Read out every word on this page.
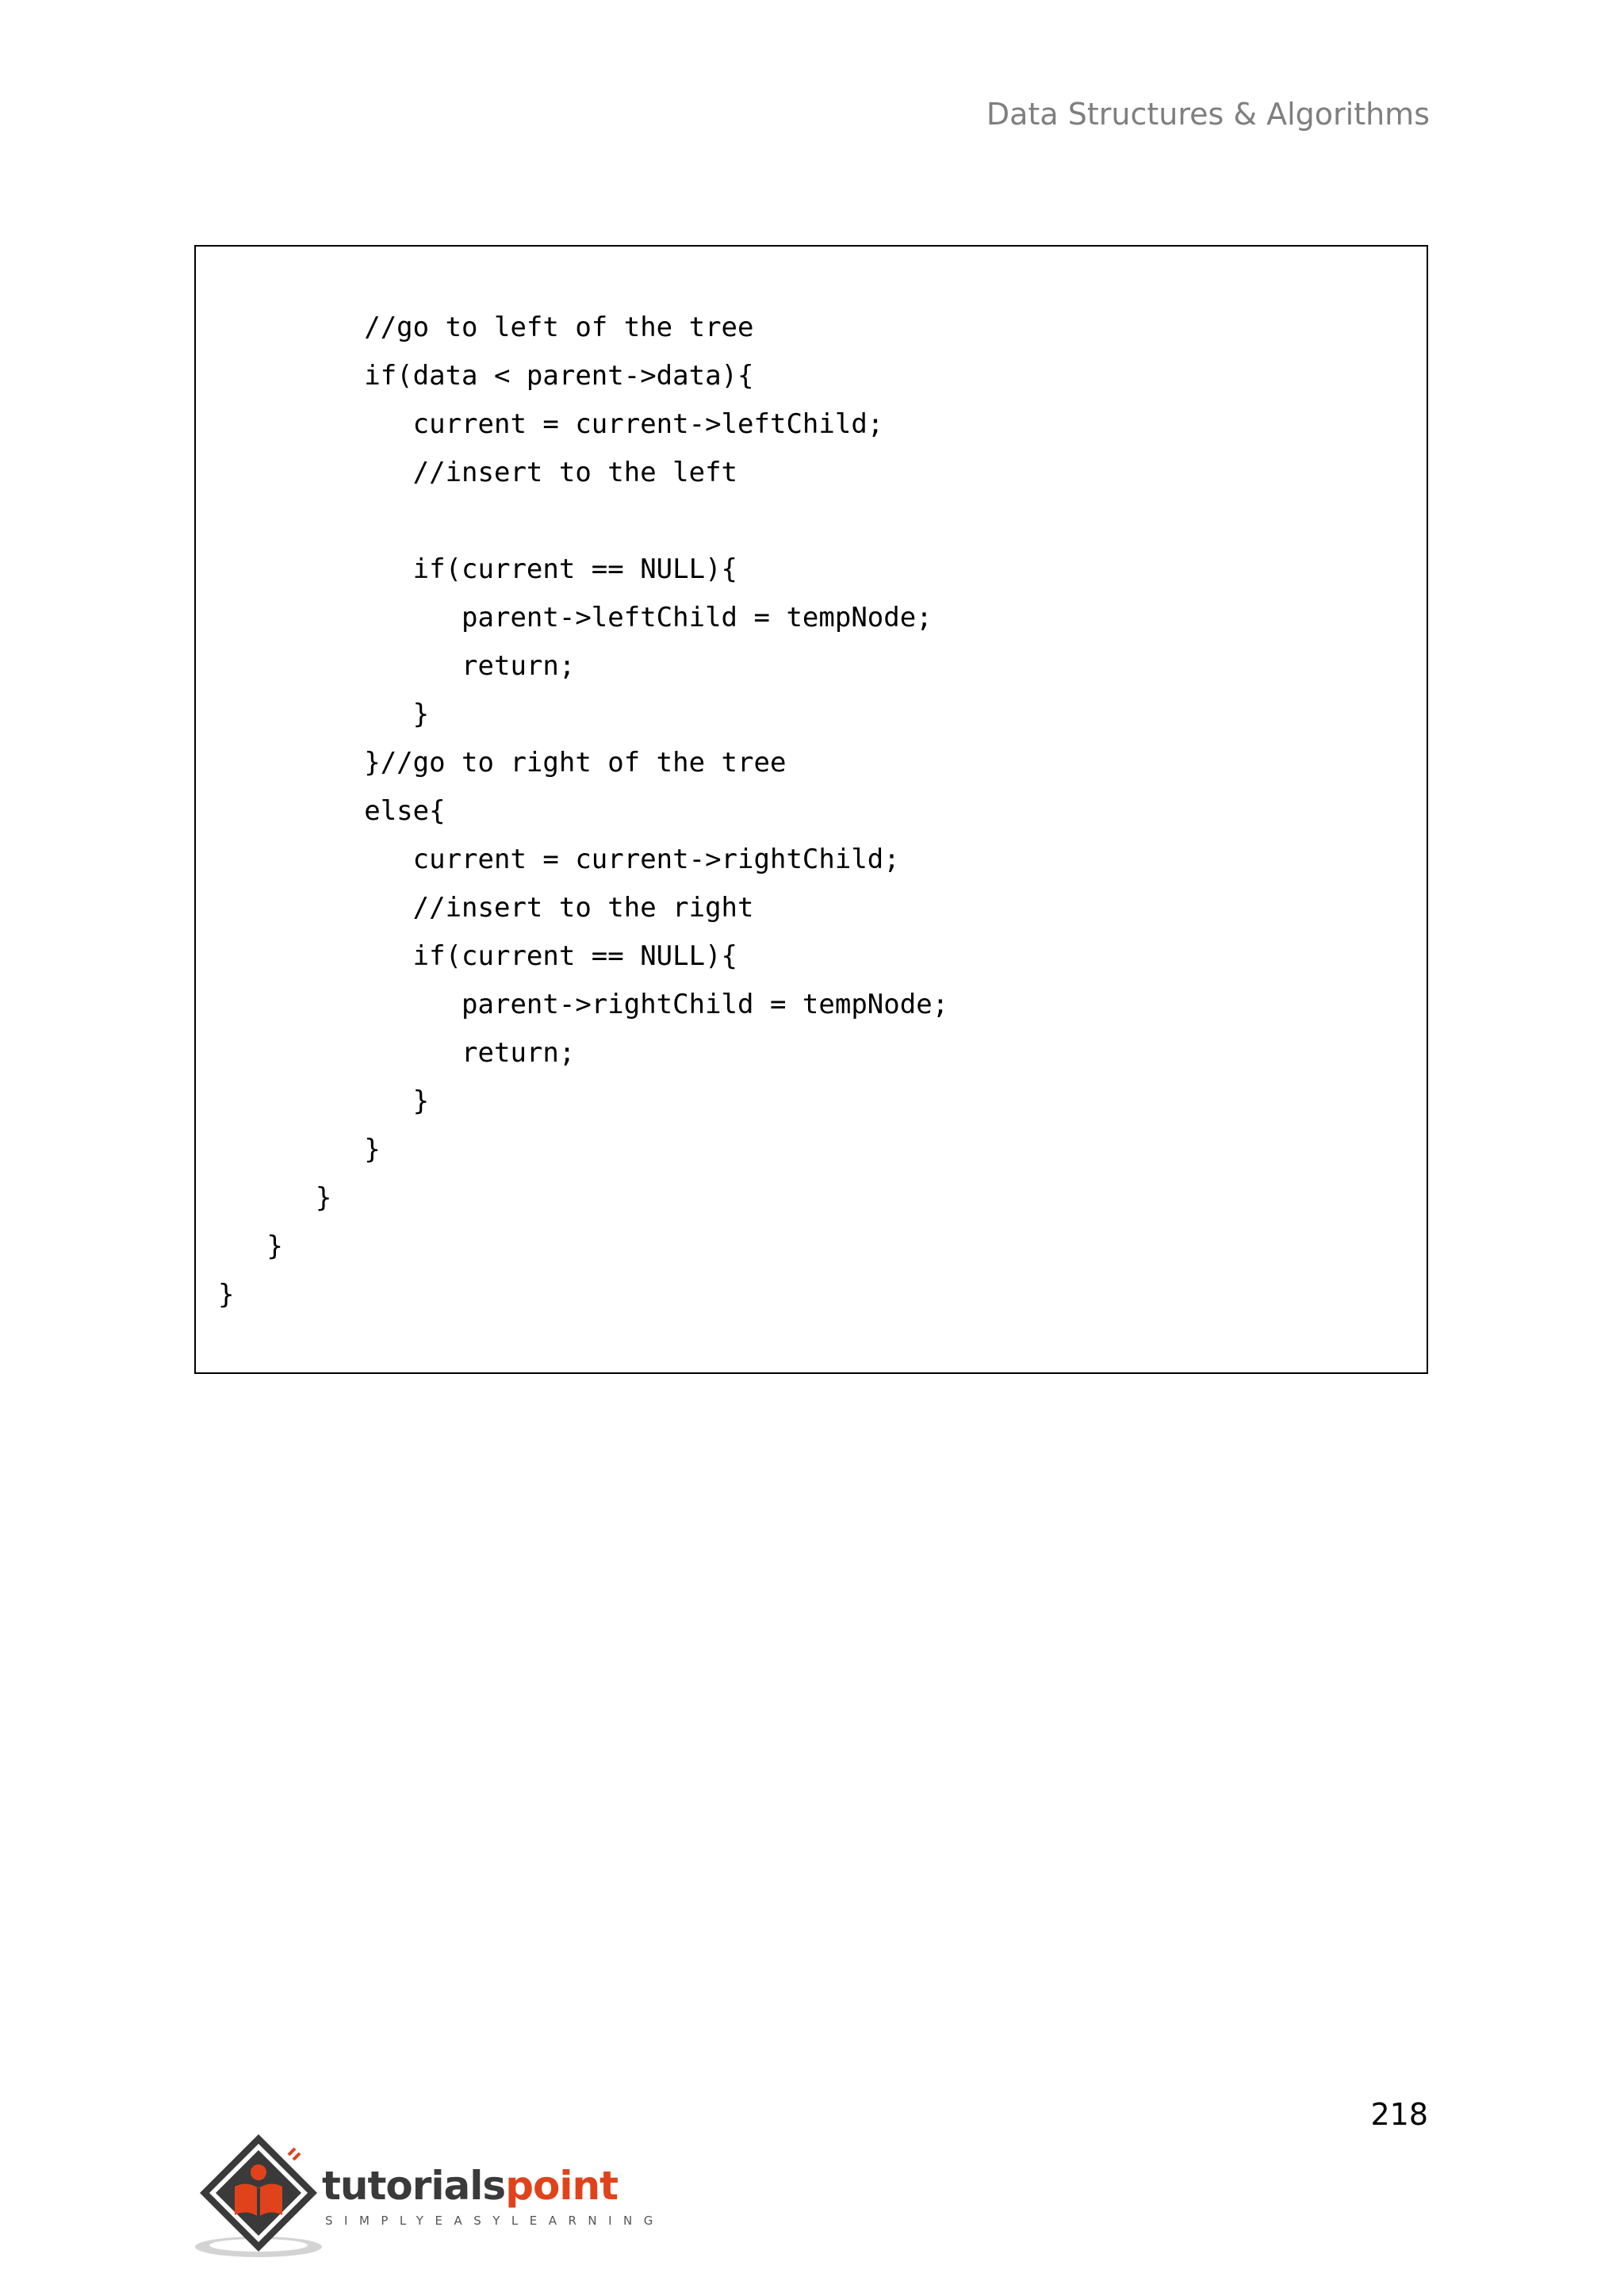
Data Structures & Algorithms
//go to left of the tree
if(data < parent->data){
current = current->leftChild;
//insert to the left
if(current == NULL){
parent->leftChild = tempNode;
return;
}
}//go to right of the tree
else{
current = current->rightChild;
//insert to the right
if(current == NULL){
parent->rightChild = tempNode;
return;
}
}
}
}
}
218
tutorialspoint
SIMPLYEASYLEARNING
